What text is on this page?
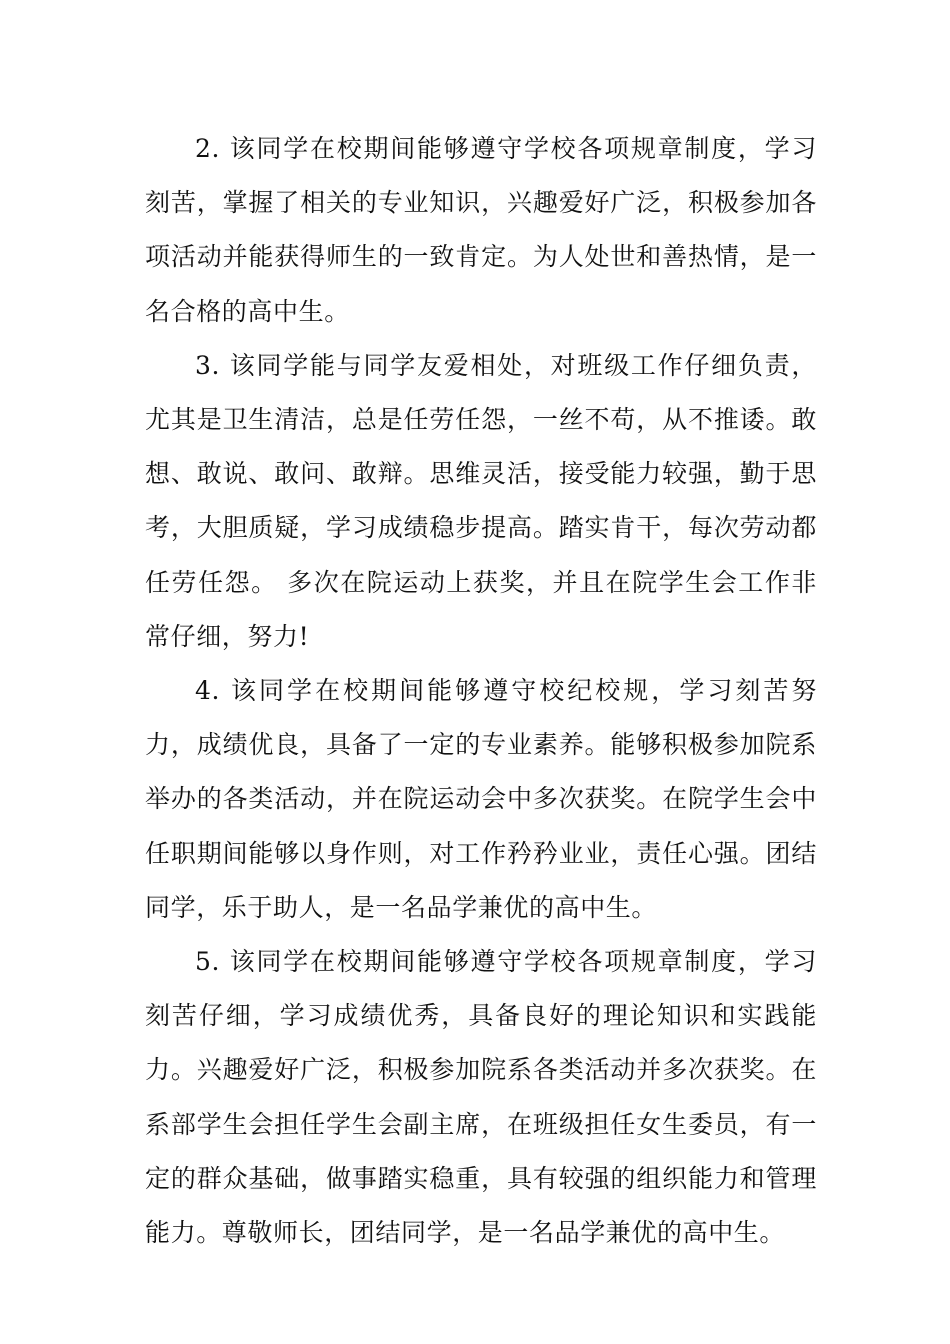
2. 该同学在校期间能够遵守学校各项规章制度，学习刻苦，掌握了相关的专业知识，兴趣爱好广泛，积极参加各项活动并能获得师生的一致肯定。为人处世和善热情，是一名合格的高中生。

3. 该同学能与同学友爱相处，对班级工作仔细负责，尤其是卫生清洁，总是任劳任怨，一丝不苟，从不推诿。敢想、敢说、敢问、敢辩。思维灵活，接受能力较强，勤于思考，大胆质疑，学习成绩稳步提高。踏实肯干，每次劳动都任劳任怨。 多次在院运动上获奖，并且在院学生会工作非常仔细，努力!

4. 该同学在校期间能够遵守校纪校规，学习刻苦努力，成绩优良，具备了一定的专业素养。能够积极参加院系举办的各类活动，并在院运动会中多次获奖。在院学生会中任职期间能够以身作则，对工作矜矜业业，责任心强。团结同学，乐于助人，是一名品学兼优的高中生。

5. 该同学在校期间能够遵守学校各项规章制度，学习刻苦仔细，学习成绩优秀，具备良好的理论知识和实践能力。兴趣爱好广泛，积极参加院系各类活动并多次获奖。在系部学生会担任学生会副主席，在班级担任女生委员，有一定的群众基础，做事踏实稳重，具有较强的组织能力和管理能力。尊敬师长，团结同学，是一名品学兼优的高中生。
